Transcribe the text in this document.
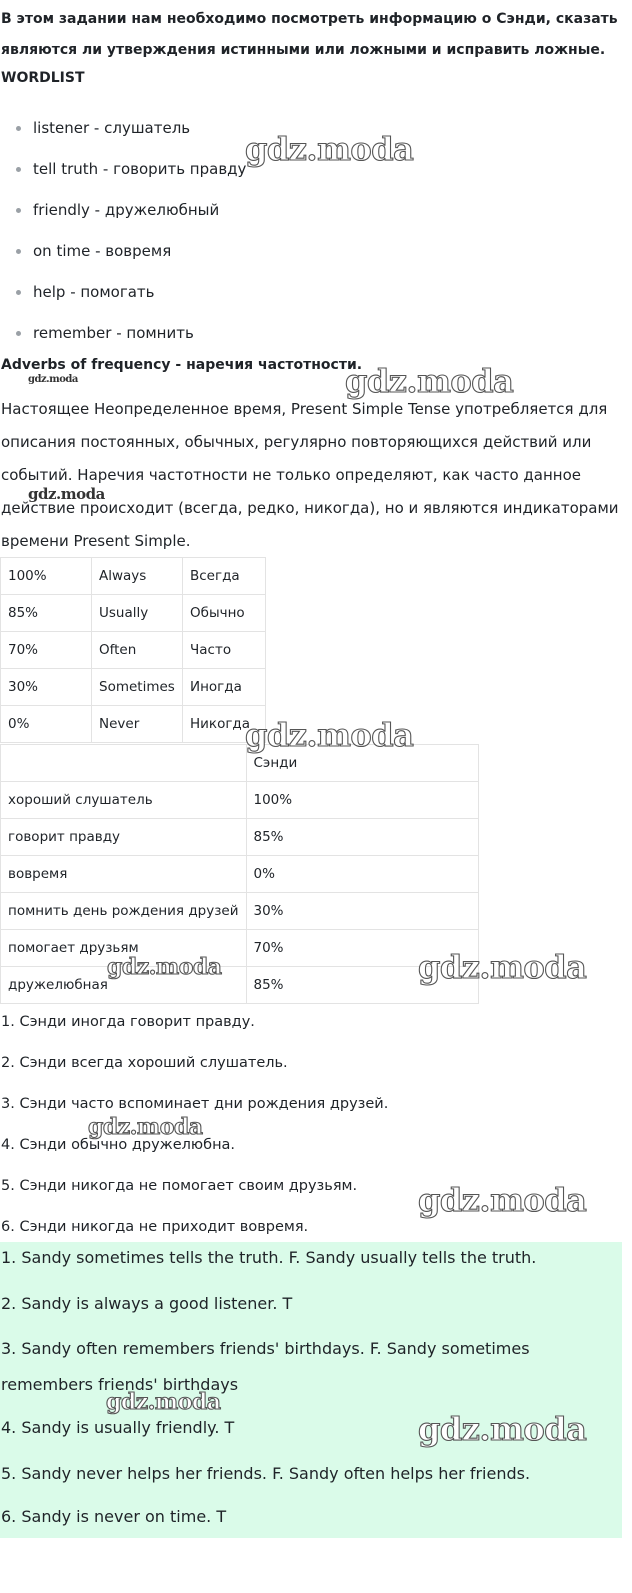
В этом задании нам необходимо посмотреть информацию о Сэнди, сказать являются ли утверждения истинными или ложными и исправить ложные.
WORDLIST
listener - слушатель
tell truth - говорить правду
friendly - дружелюбный
on time - вовремя
help - помогать
remember - помнить
Adverbs of frequency - наречия частотности.
Настоящее Неопределенное время, Present Simple Tense употребляется для описания постоянных, обычных, регулярно повторяющихся действий или событий. Наречия частотности не только определяют, как часто данное действие происходит (всегда, редко, никогда), но и являются индикаторами времени Present Simple.
100%	Always	Всегда
85%	Usually	Обычно
70%	Often	Часто
30%	Sometimes	Иногда
0%	Never	Никогда
	Сэнди
хороший слушатель	100%
говорит правду	85%
вовремя	0%
помнить день рождения друзей	30%
помогает друзьям	70%
дружелюбная	85%
1. Сэнди иногда говорит правду.
2. Сэнди всегда хороший слушатель.
3. Сэнди часто вспоминает дни рождения друзей.
4. Сэнди обычно дружелюбна.
5. Сэнди никогда не помогает своим друзьям.
6. Сэнди никогда не приходит вовремя.
1. Sandy sometimes tells the truth. F. Sandy usually tells the truth.
2. Sandy is always a good listener. T
3. Sandy often remembers friends' birthdays. F. Sandy sometimes
remembers friends' birthdays
4. Sandy is usually friendly. T
5. Sandy never helps her friends. F. Sandy often helps her friends.
6. Sandy is never on time. T
gdz.moda
gdz.moda
gdz.moda
gdz.moda
gdz.moda
gdz.moda	gdz.moda
gdz.moda
gdz.moda
gdz.moda
gdz.moda
